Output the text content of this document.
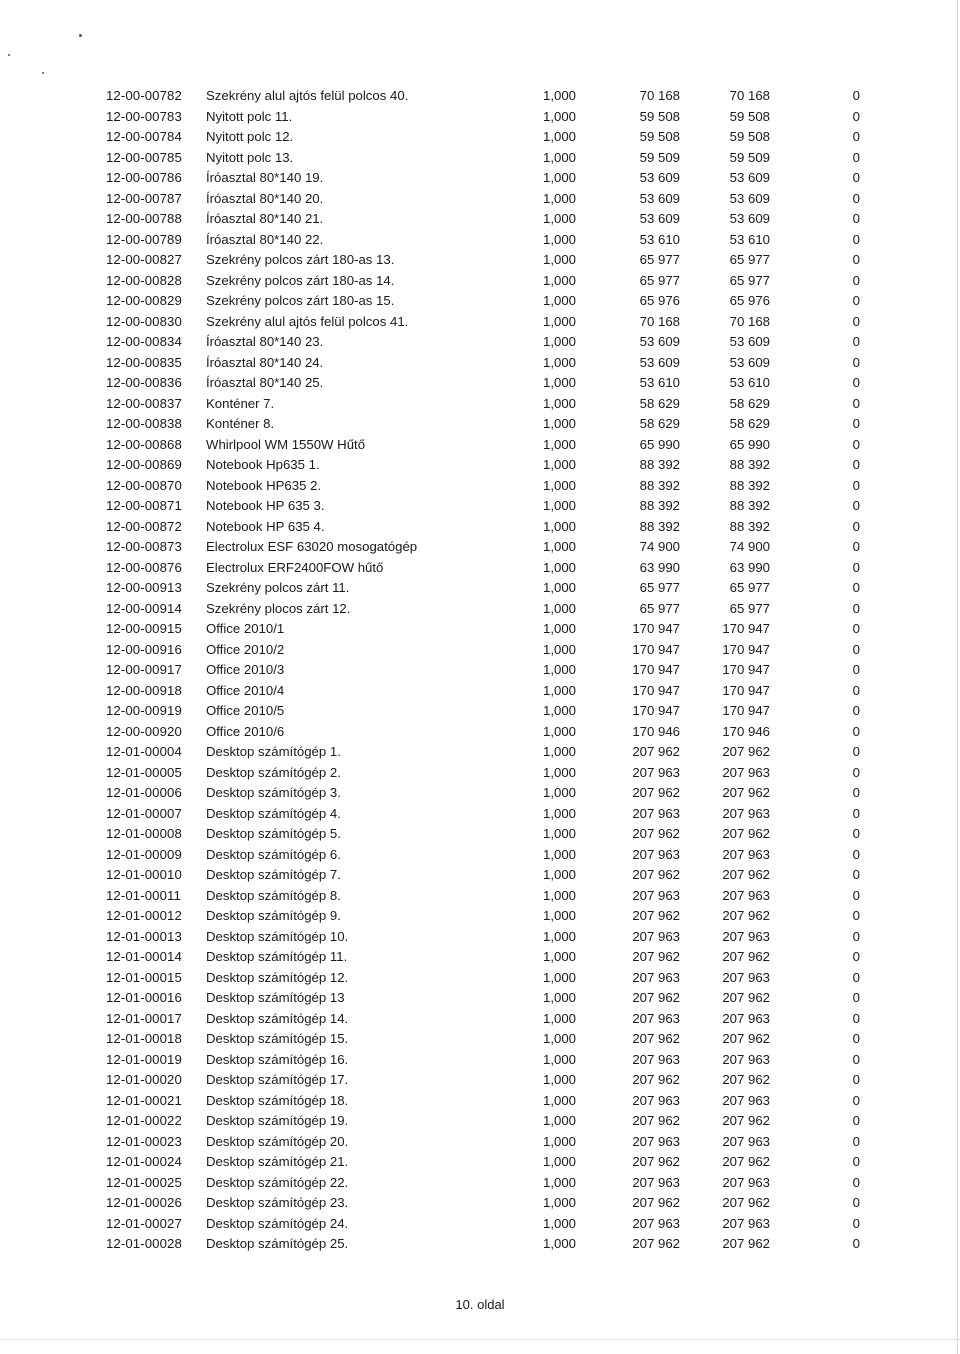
12-00-00782 Szekrény alul ajtós felül polcos 40.	1,000	70 168	70 168	0
12-00-00783 Nyitott polc 11.	1,000	59 508	59 508	0
12-00-00784 Nyitott polc 12.	1,000	59 508	59 508	0
12-00-00785 Nyitott polc 13.	1,000	59 509	59 509	0
12-00-00786 Íróasztal 80*140 19.	1,000	53 609	53 609	0
12-00-00787 Íróasztal 80*140 20.	1,000	53 609	53 609	0
12-00-00788 Íróasztal 80*140 21.	1,000	53 609	53 609	0
12-00-00789 Íróasztal 80*140 22.	1,000	53 610	53 610	0
12-00-00827 Szekrény polcos zárt 180-as 13.	1,000	65 977	65 977	0
12-00-00828 Szekrény polcos zárt 180-as 14.	1,000	65 977	65 977	0
12-00-00829 Szekrény polcos zárt 180-as 15.	1,000	65 976	65 976	0
12-00-00830 Szekrény alul ajtós felül polcos 41.	1,000	70 168	70 168	0
12-00-00834 Íróasztal 80*140 23.	1,000	53 609	53 609	0
12-00-00835 Íróasztal 80*140 24.	1,000	53 609	53 609	0
12-00-00836 Íróasztal 80*140 25.	1,000	53 610	53 610	0
12-00-00837 Konténer 7.	1,000	58 629	58 629	0
12-00-00838 Konténer 8.	1,000	58 629	58 629	0
12-00-00868 Whirlpool WM 1550W Hűtő	1,000	65 990	65 990	0
12-00-00869 Notebook Hp635 1.	1,000	88 392	88 392	0
12-00-00870 Notebook HP635 2.	1,000	88 392	88 392	0
12-00-00871 Notebook HP 635 3.	1,000	88 392	88 392	0
12-00-00872 Notebook HP 635 4.	1,000	88 392	88 392	0
12-00-00873 Electrolux ESF 63020 mosogatógép	1,000	74 900	74 900	0
12-00-00876 Electrolux ERF2400FOW hűtő	1,000	63 990	63 990	0
12-00-00913 Szekrény polcos zárt 11.	1,000	65 977	65 977	0
12-00-00914 Szekrény plocos zárt 12.	1,000	65 977	65 977	0
12-00-00915 Office 2010/1	1,000	170 947	170 947	0
12-00-00916 Office 2010/2	1,000	170 947	170 947	0
12-00-00917 Office 2010/3	1,000	170 947	170 947	0
12-00-00918 Office 2010/4	1,000	170 947	170 947	0
12-00-00919 Office 2010/5	1,000	170 947	170 947	0
12-00-00920 Office 2010/6	1,000	170 946	170 946	0
12-01-00004 Desktop számítógép 1.	1,000	207 962	207 962	0
12-01-00005 Desktop számítógép 2.	1,000	207 963	207 963	0
12-01-00006 Desktop számítógép 3.	1,000	207 962	207 962	0
12-01-00007 Desktop számítógép 4.	1,000	207 963	207 963	0
12-01-00008 Desktop számítógép 5.	1,000	207 962	207 962	0
12-01-00009 Desktop számítógép 6.	1,000	207 963	207 963	0
12-01-00010 Desktop számítógép 7.	1,000	207 962	207 962	0
12-01-00011 Desktop számítógép 8.	1,000	207 963	207 963	0
12-01-00012 Desktop számítógép 9.	1,000	207 962	207 962	0
12-01-00013 Desktop számítógép 10.	1,000	207 963	207 963	0
12-01-00014 Desktop számítógép 11.	1,000	207 962	207 962	0
12-01-00015 Desktop számítógép 12.	1,000	207 963	207 963	0
12-01-00016 Desktop számítógép 13	1,000	207 962	207 962	0
12-01-00017 Desktop számítógép 14.	1,000	207 963	207 963	0
12-01-00018 Desktop számítógép 15.	1,000	207 962	207 962	0
12-01-00019 Desktop számítógép 16.	1,000	207 963	207 963	0
12-01-00020 Desktop számítógép 17.	1,000	207 962	207 962	0
12-01-00021 Desktop számítógép 18.	1,000	207 963	207 963	0
12-01-00022 Desktop számítógép 19.	1,000	207 962	207 962	0
12-01-00023 Desktop számítógép 20.	1,000	207 963	207 963	0
12-01-00024 Desktop számítógép 21.	1,000	207 962	207 962	0
12-01-00025 Desktop számítógép 22.	1,000	207 963	207 963	0
12-01-00026 Desktop számítógép 23.	1,000	207 962	207 962	0
12-01-00027 Desktop számítógép 24.	1,000	207 963	207 963	0
12-01-00028 Desktop számítógép 25.	1,000	207 962	207 962	0
10. oldal
